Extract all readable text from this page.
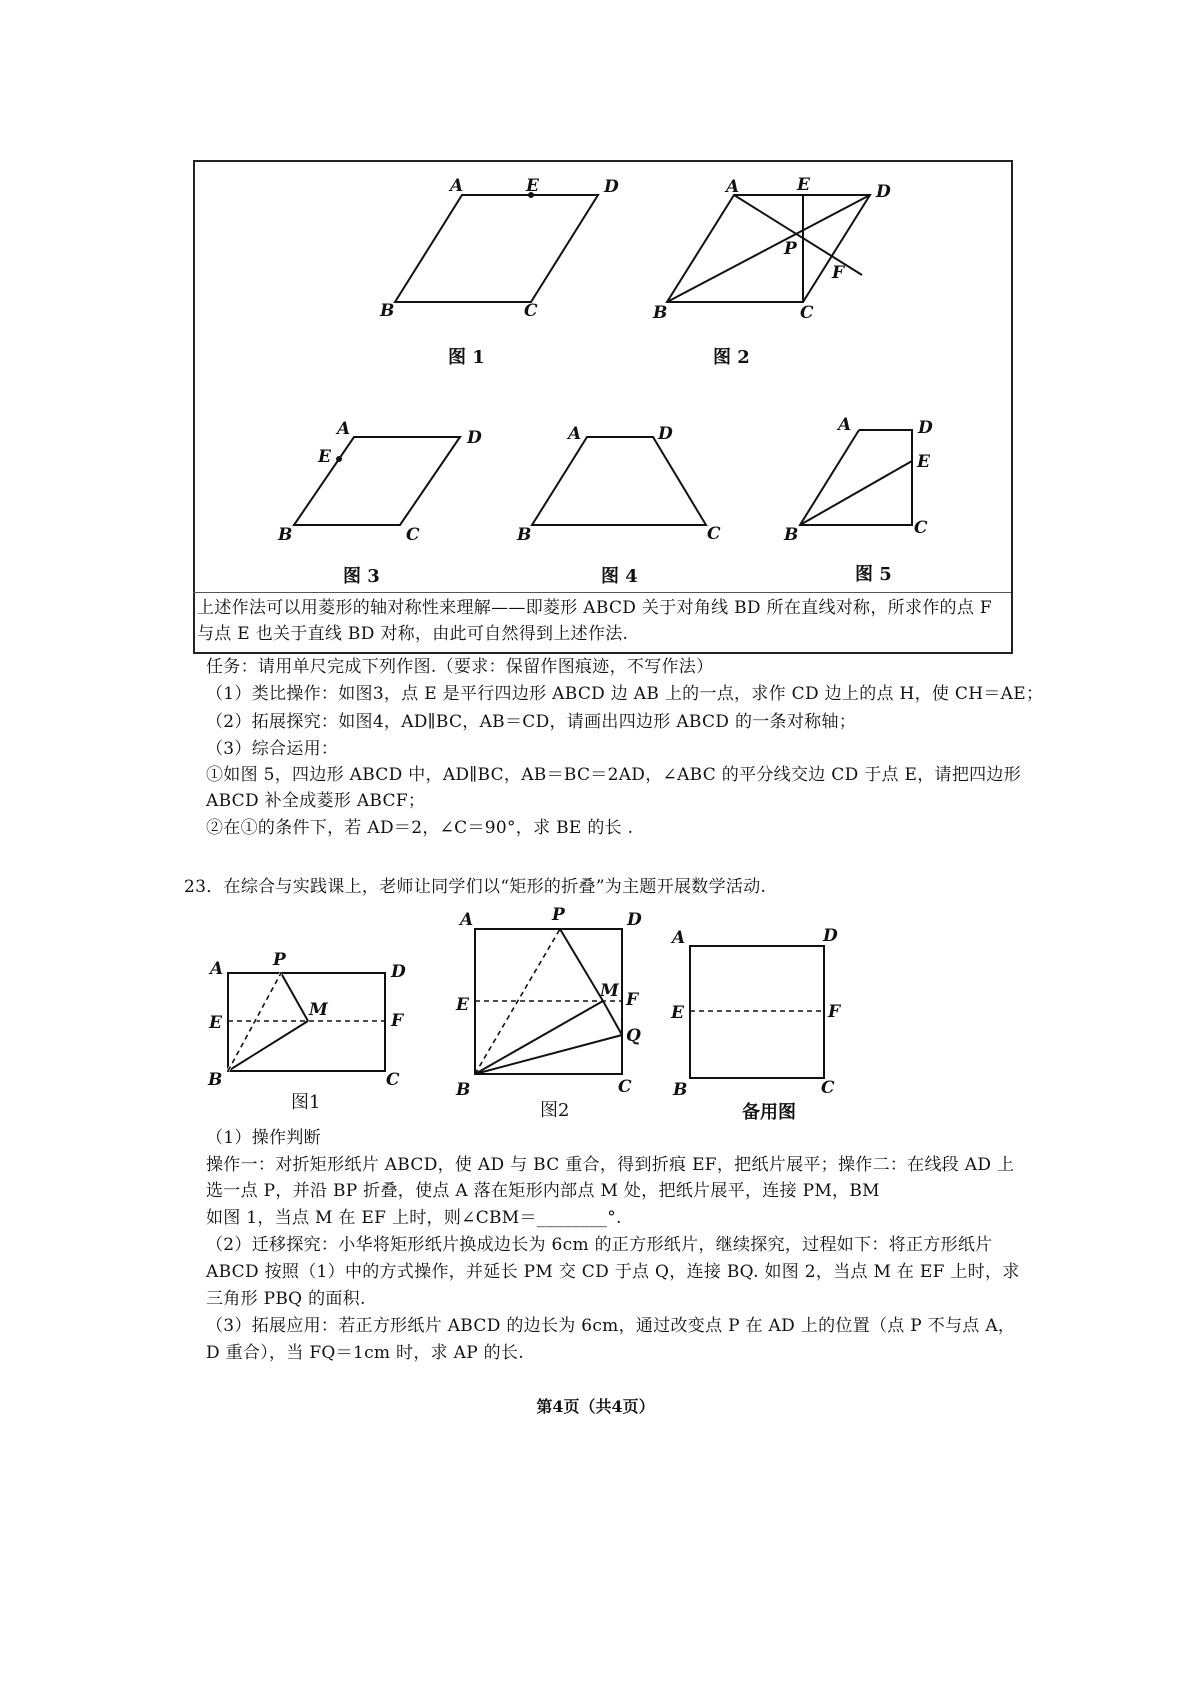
A	E	D
B	C
A	E	D
P
F
B	C
A
E
D
B	C
A	D
B	C
A	D
E
B	C
图 1	图 2
图 3	图 4	图 5
上述作法可以用菱形的轴对称性来理解——即菱形 ABCD 关于对角线 BD 所在直线对称，所求作的点 F
与点 E 也关于直线 BD 对称，由此可自然得到上述作法.
任务：请用单尺完成下列作图.（要求：保留作图痕迹，不写作法）
（1）类比操作：如图3，点 E 是平行四边形 ABCD 边 AB 上的一点，求作 CD 边上的点 H，使 CH＝AE；
（2）拓展探究：如图4，AD∥BC，AB＝CD，请画出四边形 ABCD 的一条对称轴；
（3）综合运用：
①如图 5，四边形 ABCD 中，AD∥BC，AB＝BC＝2AD，∠ABC 的平分线交边 CD 于点 E，请把四边形
ABCD 补全成菱形 ABCF；
②在①的条件下，若 AD＝2，∠C＝90°，求 BE 的长 .
23．在综合与实践课上，老师让同学们以“矩形的折叠”为主题开展数学活动.
A	P
D
E
M
F
B	C
A	P	D
E
M F
Q
B	C
A	D
E	F
B	C
图1	图2	备用图
（1）操作判断
操作一：对折矩形纸片 ABCD，使 AD 与 BC 重合，得到折痕 EF，把纸片展平；操作二：在线段 AD 上
选一点 P，并沿 BP 折叠，使点 A 落在矩形内部点 M 处，把纸片展平，连接 PM，BM
如图 1，当点 M 在 EF 上时，则∠CBM＝________°.
（2）迁移探究：小华将矩形纸片换成边长为 6cm 的正方形纸片，继续探究，过程如下：将正方形纸片
ABCD 按照（1）中的方式操作，并延长 PM 交 CD 于点 Q，连接 BQ. 如图 2，当点 M 在 EF 上时，求
三角形 PBQ 的面积.
（3）拓展应用：若正方形纸片 ABCD 的边长为 6cm，通过改变点 P 在 AD 上的位置（点 P 不与点 A，
D 重合），当 FQ＝1cm 时，求 AP 的长.
第4页（共4页）
